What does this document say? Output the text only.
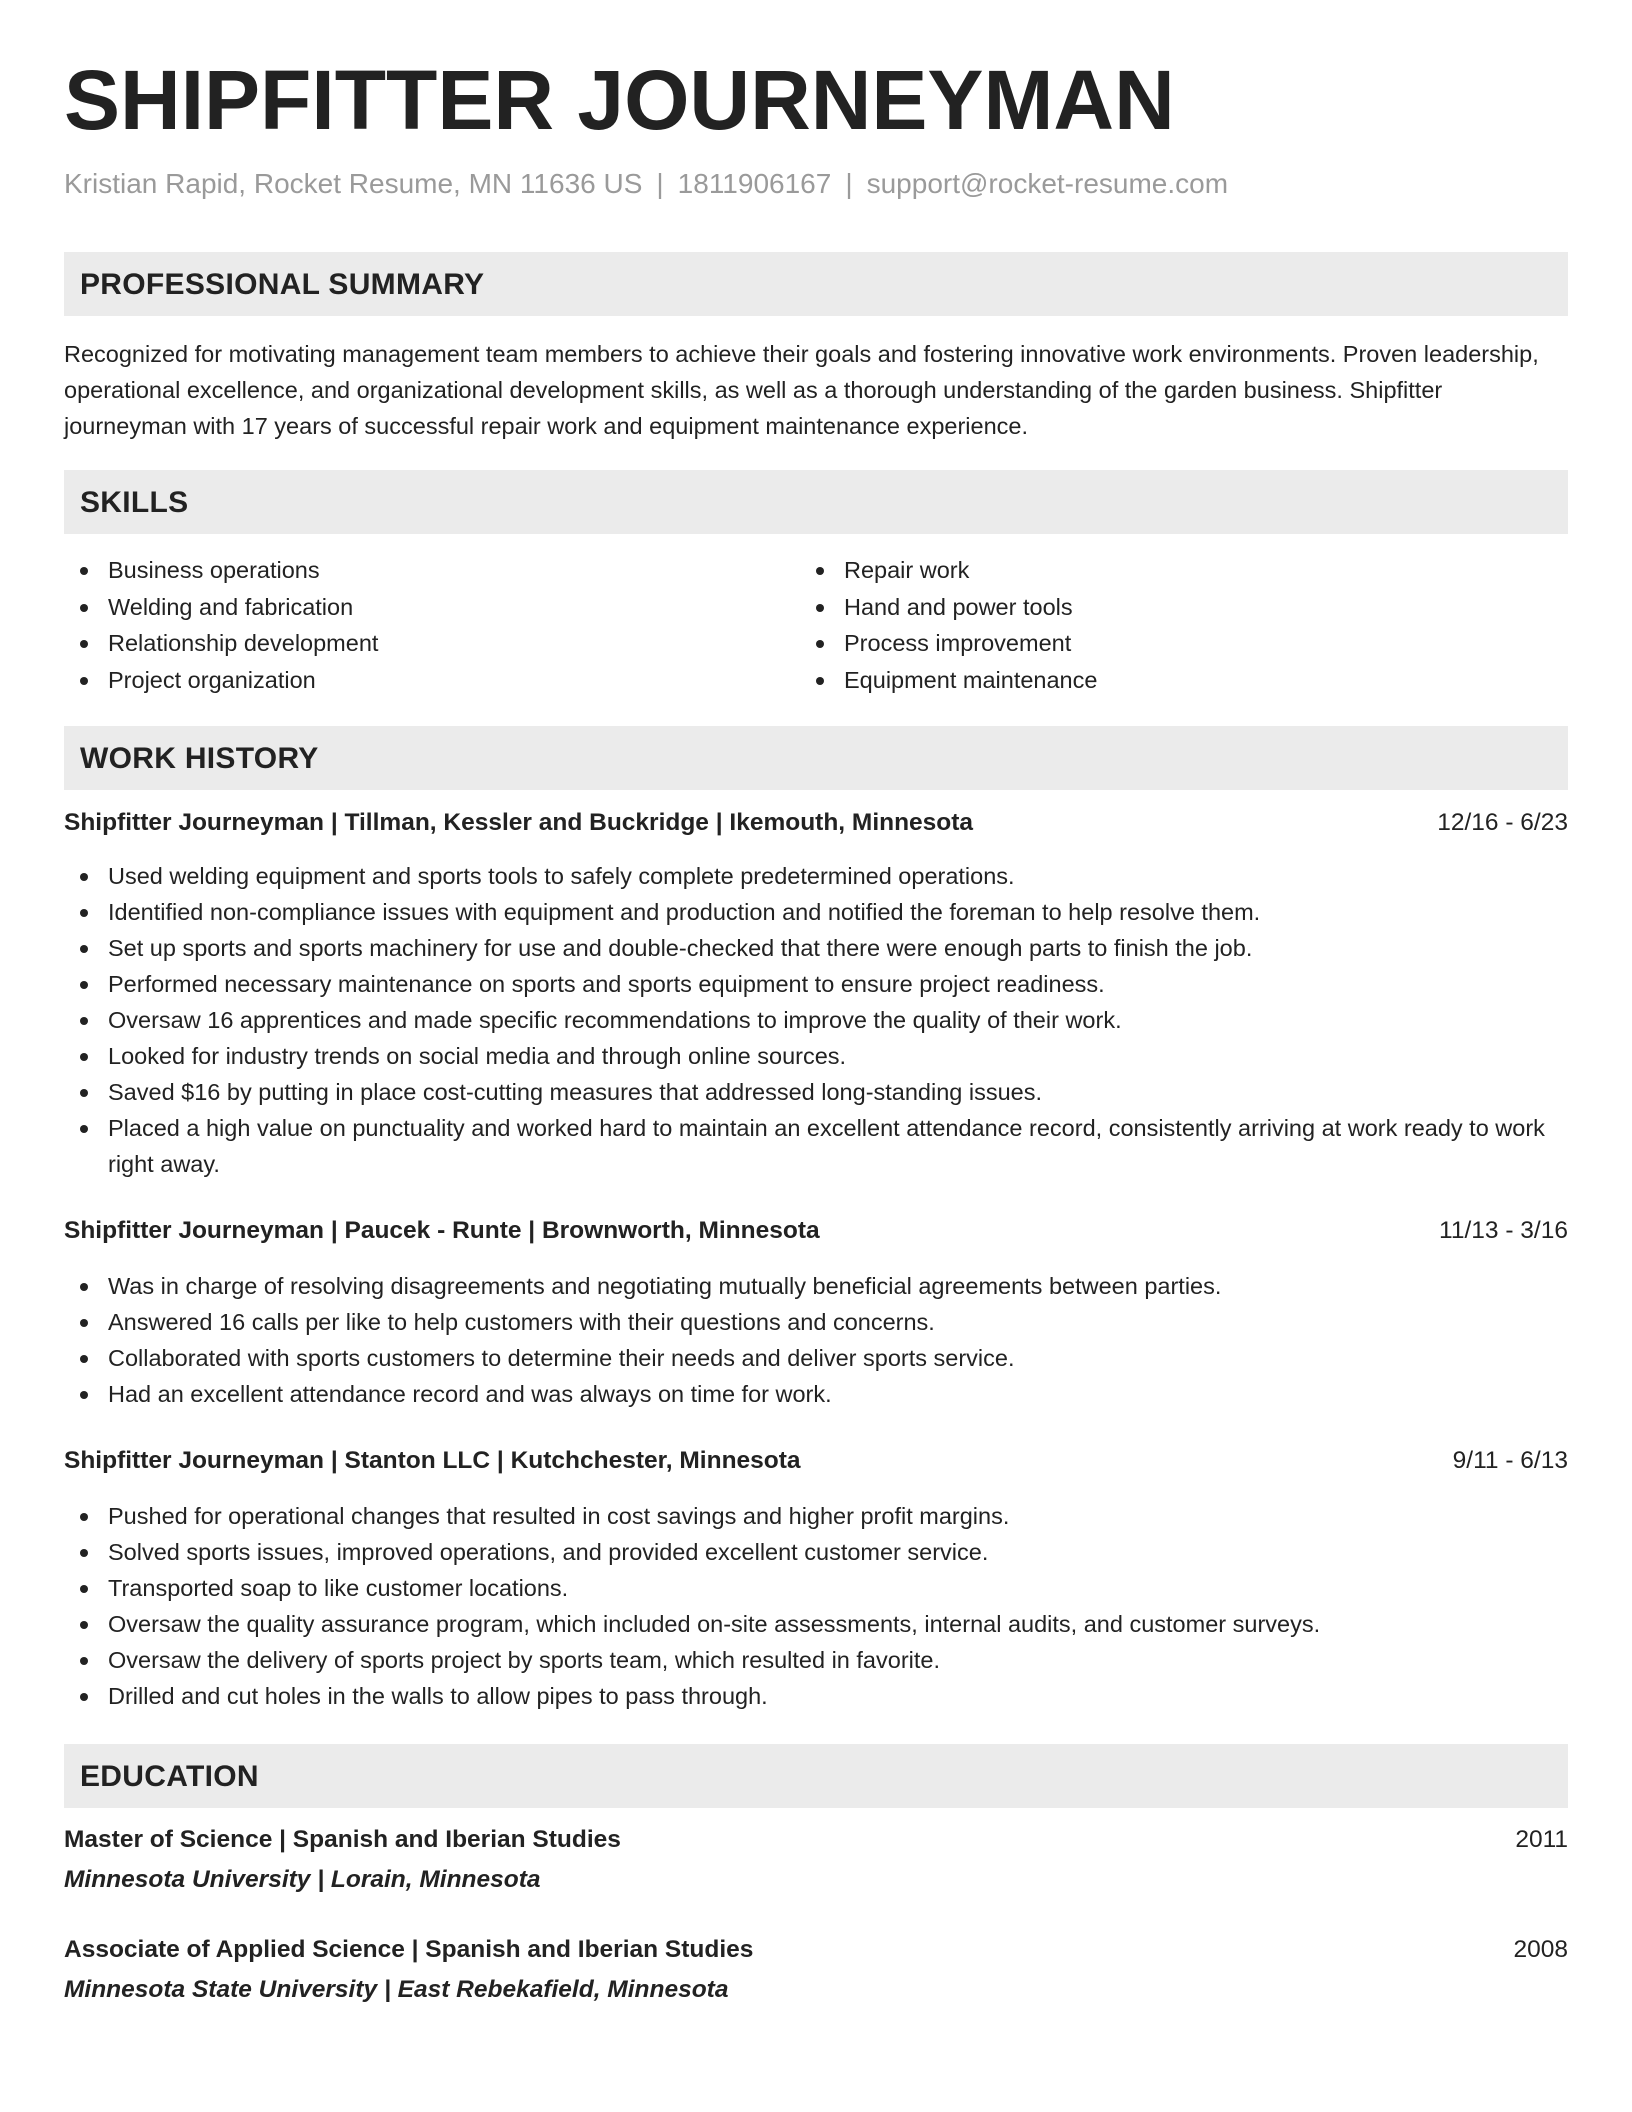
SHIPFITTER JOURNEYMAN
Kristian Rapid, Rocket Resume, MN 11636 US | 1811906167 | support@rocket-resume.com
PROFESSIONAL SUMMARY

Recognized for motivating management team members to achieve their goals and fostering innovative work environments. Proven leadership, operational excellence, and organizational development skills, as well as a thorough understanding of the garden business. Shipfitter journeyman with 17 years of successful repair work and equipment maintenance experience.

SKILLS
Business operations
Welding and fabrication
Relationship development
Project organization
Repair work
Hand and power tools
Process improvement
Equipment maintenance
WORK HISTORY
Shipfitter Journeyman | Tillman, Kessler and Buckridge | Ikemouth, Minnesota	12/16 - 6/23
Used welding equipment and sports tools to safely complete predetermined operations.
Identified non-compliance issues with equipment and production and notified the foreman to help resolve them.
Set up sports and sports machinery for use and double-checked that there were enough parts to finish the job.
Performed necessary maintenance on sports and sports equipment to ensure project readiness.
Oversaw 16 apprentices and made specific recommendations to improve the quality of their work.
Looked for industry trends on social media and through online sources.
Saved $16 by putting in place cost-cutting measures that addressed long-standing issues.
Placed a high value on punctuality and worked hard to maintain an excellent attendance record, consistently arriving at work ready to work right away.
Shipfitter Journeyman | Paucek - Runte | Brownworth, Minnesota	11/13 - 3/16
Was in charge of resolving disagreements and negotiating mutually beneficial agreements between parties.
Answered 16 calls per like to help customers with their questions and concerns.
Collaborated with sports customers to determine their needs and deliver sports service.
Had an excellent attendance record and was always on time for work.
Shipfitter Journeyman | Stanton LLC | Kutchchester, Minnesota	9/11 - 6/13
Pushed for operational changes that resulted in cost savings and higher profit margins.
Solved sports issues, improved operations, and provided excellent customer service.
Transported soap to like customer locations.
Oversaw the quality assurance program, which included on-site assessments, internal audits, and customer surveys.
Oversaw the delivery of sports project by sports team, which resulted in favorite.
Drilled and cut holes in the walls to allow pipes to pass through.
EDUCATION
Master of Science | Spanish and Iberian Studies	2011
Minnesota University | Lorain, Minnesota
Associate of Applied Science | Spanish and Iberian Studies	2008
Minnesota State University | East Rebekafield, Minnesota
